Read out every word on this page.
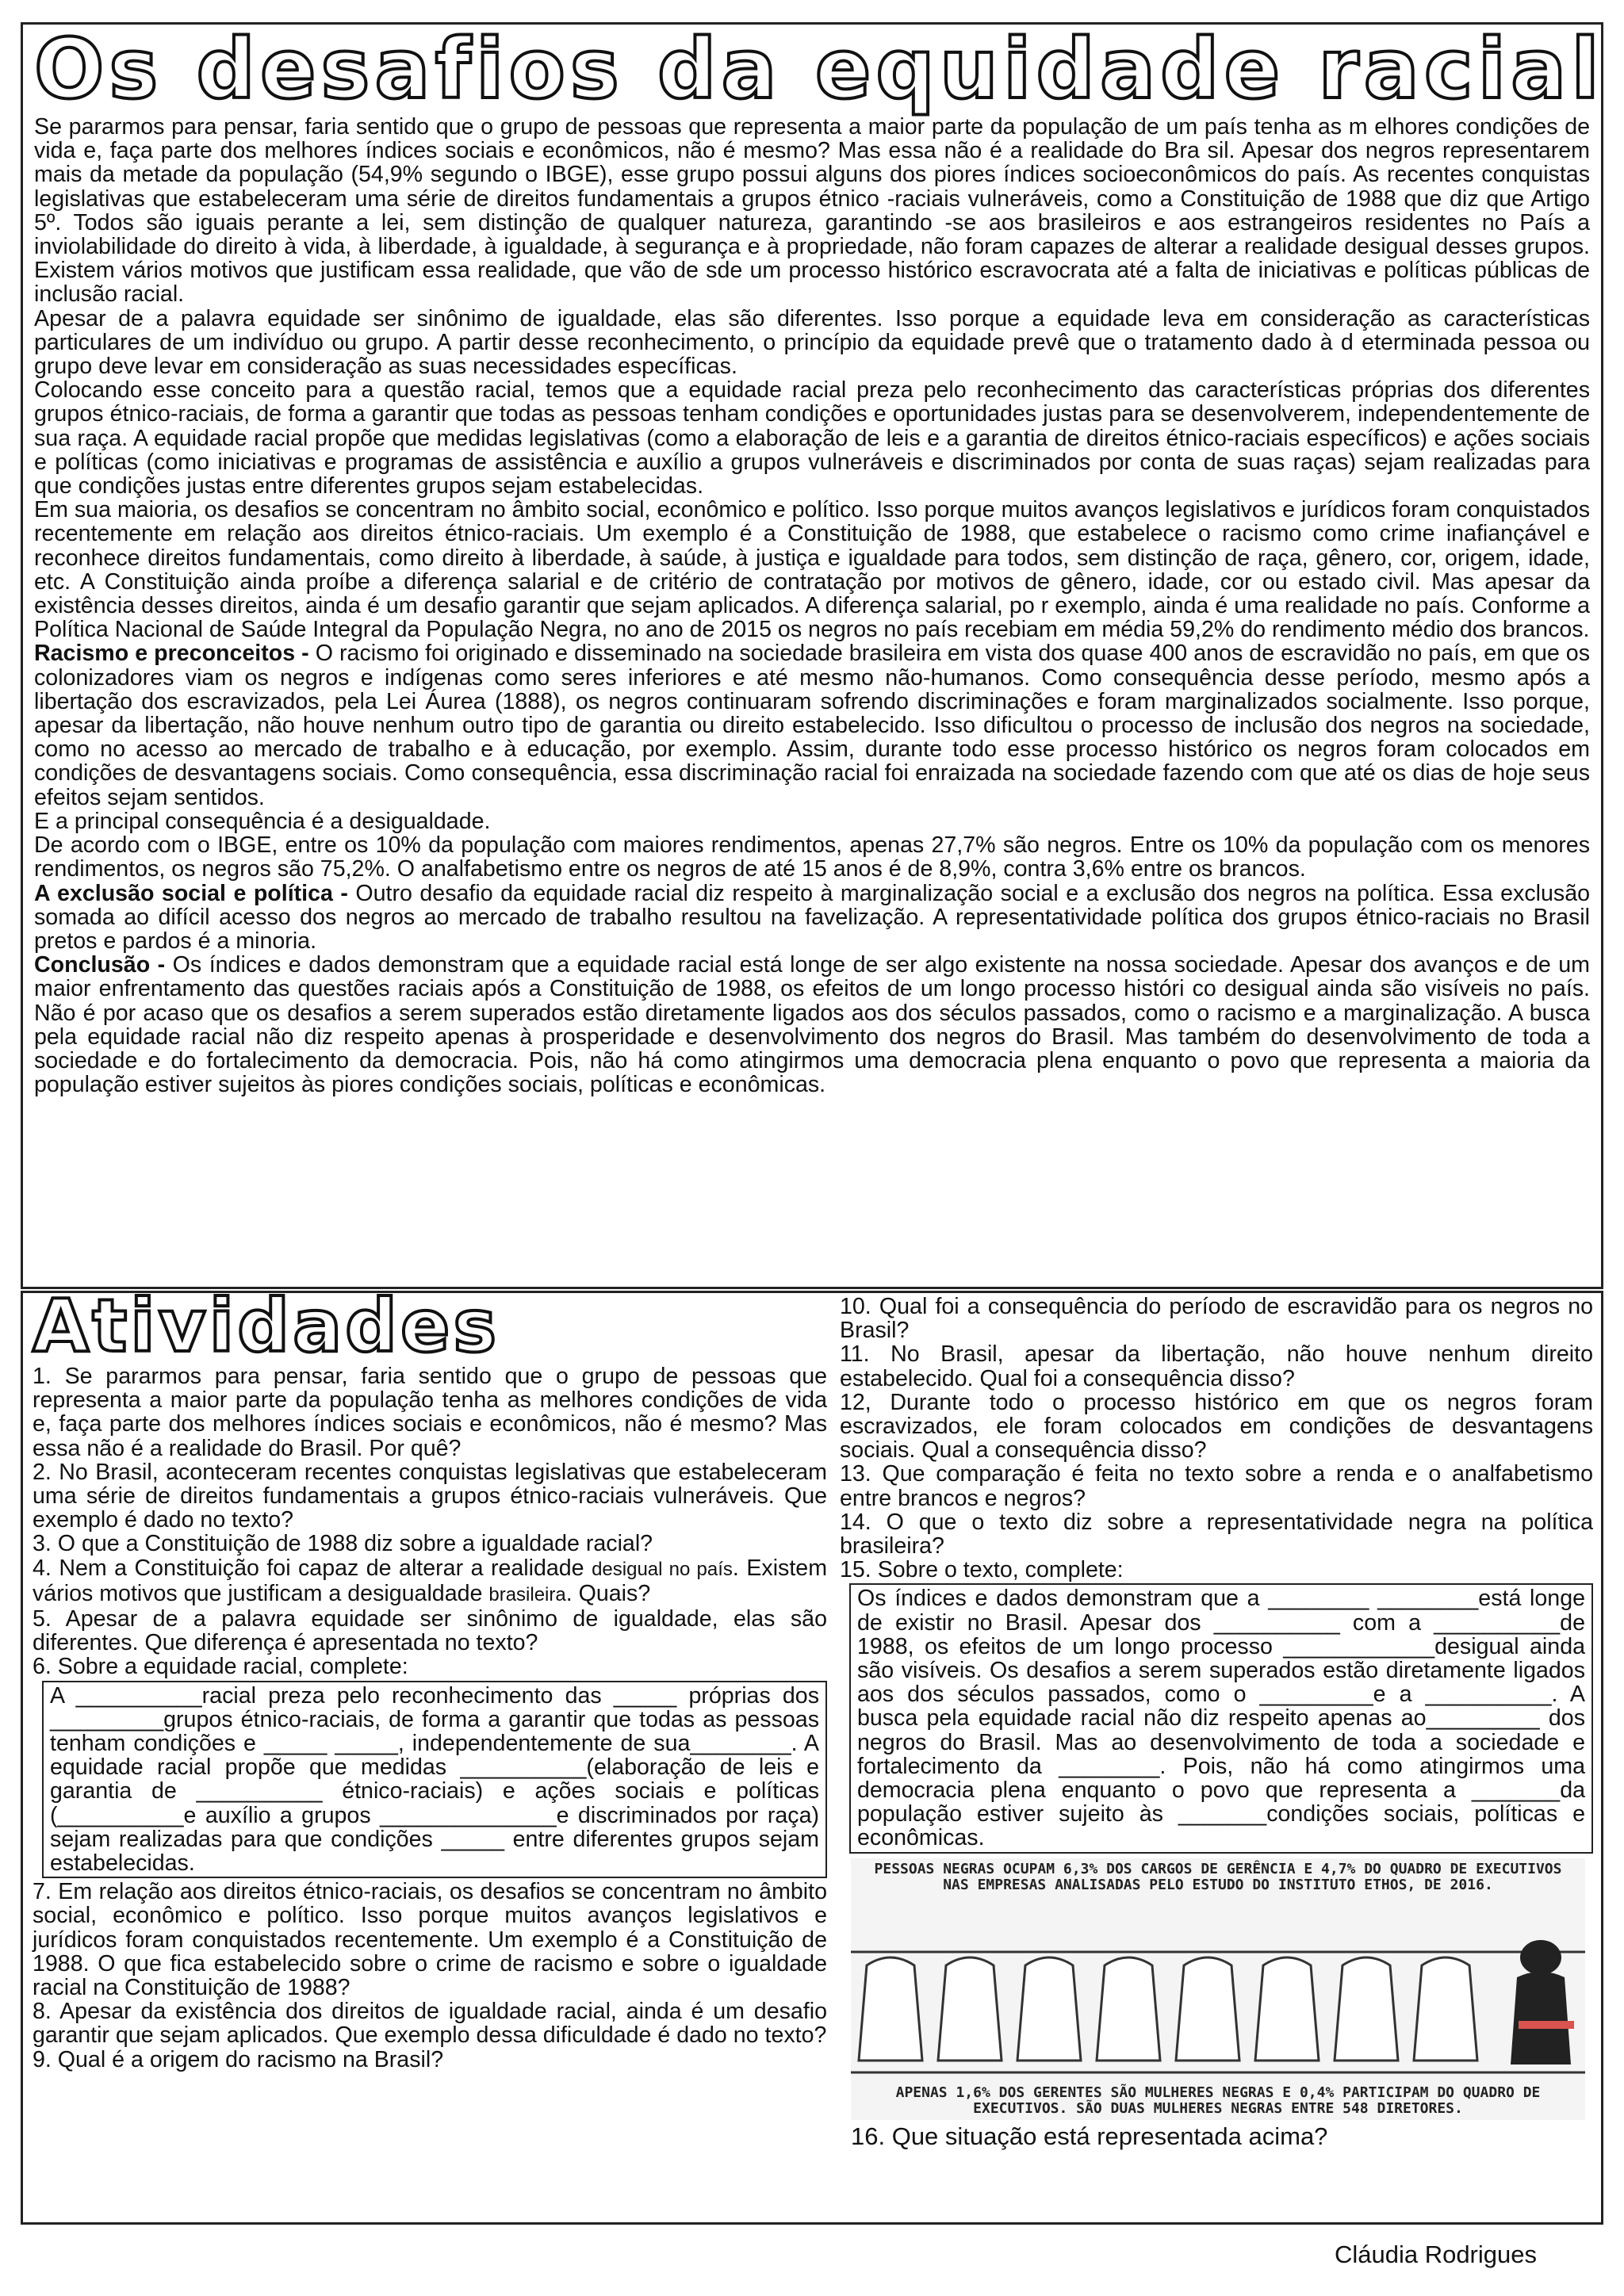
Os desafios da equidade racial

Se pararmos para pensar, faria sentido que o grupo de pessoas que representa a maior parte da população de um país tenha as m elhores condições de vida e, faça parte dos melhores índices sociais e econômicos, não é mesmo? Mas essa não é a realidade do Bra sil. Apesar dos negros representarem mais da metade da população (54,9% segundo o IBGE), esse grupo possui alguns dos piores índices socioeconômicos do país. As recentes conquistas legislativas que estabeleceram uma série de direitos fundamentais a grupos étnico -raciais vulneráveis, como a Constituição de 1988 que diz que Artigo 5º. Todos são iguais perante a lei, sem distinção de qualquer natureza, garantindo -se aos brasileiros e aos estrangeiros residentes no País a inviolabilidade do direito à vida, à liberdade, à igualdade, à segurança e à propriedade, não foram capazes de alterar a realidade desigual desses grupos. Existem vários motivos que justificam essa realidade, que vão de sde um processo histórico escravocrata até a falta de iniciativas e políticas públicas de inclusão racial.

Apesar de a palavra equidade ser sinônimo de igualdade, elas são diferentes. Isso porque a equidade leva em consideração as características particulares de um indivíduo ou grupo. A partir desse reconhecimento, o princípio da equidade prevê que o tratamento dado à d eterminada pessoa ou grupo deve levar em consideração as suas necessidades específicas.

Colocando esse conceito para a questão racial, temos que a equidade racial preza pelo reconhecimento das características próprias dos diferentes grupos étnico-raciais, de forma a garantir que todas as pessoas tenham condições e oportunidades justas para se desenvolverem, independentemente de sua raça. A equidade racial propõe que medidas legislativas (como a elaboração de leis e a garantia de direitos étnico-raciais específicos) e ações sociais e políticas (como iniciativas e programas de assistência e auxílio a grupos vulneráveis e discriminados por conta de suas raças) sejam realizadas para que condições justas entre diferentes grupos sejam estabelecidas.

Em sua maioria, os desafios se concentram no âmbito social, econômico e político. Isso porque muitos avanços legislativos e jurídicos foram conquistados recentemente em relação aos direitos étnico-raciais. Um exemplo é a Constituição de 1988, que estabelece o racismo como crime inafiançável e reconhece direitos fundamentais, como direito à liberdade, à saúde, à justiça e igualdade para todos, sem distinção de raça, gênero, cor, origem, idade, etc. A Constituição ainda proíbe a diferença salarial e de critério de contratação por motivos de gênero, idade, cor ou estado civil. Mas apesar da existência desses direitos, ainda é um desafio garantir que sejam aplicados. A diferença salarial, po r exemplo, ainda é uma realidade no país. Conforme a Política Nacional de Saúde Integral da População Negra, no ano de 2015 os negros no país recebiam em média 59,2% do rendimento médio dos brancos.

Racismo e preconceitos - O racismo foi originado e disseminado na sociedade brasileira em vista dos quase 400 anos de escravidão no país, em que os colonizadores viam os negros e indígenas como seres inferiores e até mesmo não-humanos. Como consequência desse período, mesmo após a libertação dos escravizados, pela Lei Áurea (1888), os negros continuaram sofrendo discriminações e foram marginalizados socialmente. Isso porque, apesar da libertação, não houve nenhum outro tipo de garantia ou direito estabelecido. Isso dificultou o processo de inclusão dos negros na sociedade, como no acesso ao mercado de trabalho e à educação, por exemplo. Assim, durante todo esse processo histórico os negros foram colocados em condições de desvantagens sociais. Como consequência, essa discriminação racial foi enraizada na sociedade fazendo com que até os dias de hoje seus efeitos sejam sentidos.

E a principal consequência é a desigualdade.

De acordo com o IBGE, entre os 10% da população com maiores rendimentos, apenas 27,7% são negros. Entre os 10% da população com os menores rendimentos, os negros são 75,2%. O analfabetismo entre os negros de até 15 anos é de 8,9%, contra 3,6% entre os brancos.

A exclusão social e política - Outro desafio da equidade racial diz respeito à marginalização social e a exclusão dos negros na política. Essa exclusão somada ao difícil acesso dos negros ao mercado de trabalho resultou na favelização. A representatividade política dos grupos étnico-raciais no Brasil pretos e pardos é a minoria.

Conclusão - Os índices e dados demonstram que a equidade racial está longe de ser algo existente na nossa sociedade. Apesar dos avanços e de um maior enfrentamento das questões raciais após a Constituição de 1988, os efeitos de um longo processo históri co desigual ainda são visíveis no país. Não é por acaso que os desafios a serem superados estão diretamente ligados aos dos séculos passados, como o racismo e a marginalização. A busca pela equidade racial não diz respeito apenas à prosperidade e desenvolvimento dos negros do Brasil. Mas também do desenvolvimento de toda a sociedade e do fortalecimento da democracia. Pois, não há como atingirmos uma democracia plena enquanto o povo que representa a maioria da população estiver sujeitos às piores condições sociais, políticas e econômicas.

Atividades

1. Se pararmos para pensar, faria sentido que o grupo de pessoas que representa a maior parte da população tenha as melhores condições de vida e, faça parte dos melhores índices sociais e econômicos, não é mesmo? Mas essa não é a realidade do Brasil. Por quê?

2. No Brasil, aconteceram recentes conquistas legislativas que estabeleceram uma série de direitos fundamentais a grupos étnico-raciais vulneráveis. Que exemplo é dado no texto?

3. O que a Constituição de 1988 diz sobre a igualdade racial?

4. Nem a Constituição foi capaz de alterar a realidade desigual no país. Existem vários motivos que justificam a desigualdade brasileira. Quais?

5. Apesar de a palavra equidade ser sinônimo de igualdade, elas são diferentes. Que diferença é apresentada no texto?

6. Sobre a equidade racial, complete:

A __________racial preza pelo reconhecimento das _____ próprias dos _________grupos étnico-raciais, de forma a garantir que todas as pessoas tenham condições e _____ _____, independentemente de sua________. A equidade racial propõe que medidas __________(elaboração de leis e garantia de __________ étnico-raciais) e ações sociais e políticas (__________e auxílio a grupos ______________e discriminados por raça) sejam realizadas para que condições _____ entre diferentes grupos sejam estabelecidas.

7. Em relação aos direitos étnico-raciais, os desafios se concentram no âmbito social, econômico e político. Isso porque muitos avanços legislativos e jurídicos foram conquistados recentemente. Um exemplo é a Constituição de 1988. O que fica estabelecido sobre o crime de racismo e sobre o igualdade racial na Constituição de 1988?

8. Apesar da existência dos direitos de igualdade racial, ainda é um desafio garantir que sejam aplicados. Que exemplo dessa dificuldade é dado no texto?

9. Qual é a origem do racismo na Brasil?

10. Qual foi a consequência do período de escravidão para os negros no Brasil?

11. No Brasil, apesar da libertação, não houve nenhum direito estabelecido. Qual foi a consequência disso?

12, Durante todo o processo histórico em que os negros foram escravizados, ele foram colocados em condições de desvantagens sociais. Qual a consequência disso?

13. Que comparação é feita no texto sobre a renda e o analfabetismo entre brancos e negros?

14. O que o texto diz sobre a representatividade negra na política brasileira?

15. Sobre o texto, complete:

Os índices e dados demonstram que a ________ ________está longe de existir no Brasil. Apesar dos __________ com a __________de 1988, os efeitos de um longo processo ____________desigual ainda são visíveis. Os desafios a serem superados estão diretamente ligados aos dos séculos passados, como o _________e a __________. A busca pela equidade racial não diz respeito apenas ao_________ dos negros do Brasil. Mas ao desenvolvimento de toda a sociedade e fortalecimento da ________. Pois, não há como atingirmos uma democracia plena enquanto o povo que representa a _______da população estiver sujeito às _______condições sociais, políticas e econômicas.
PESSOAS NEGRAS OCUPAM 6,3% DOS CARGOS DE GERÊNCIA E 4,7% DO QUADRO DE EXECUTIVOS NAS EMPRESAS ANALISADAS PELO ESTUDO DO INSTITUTO ETHOS, DE 2016.
APENAS 1,6% DOS GERENTES SÃO MULHERES NEGRAS E 0,4% PARTICIPAM DO QUADRO DE EXECUTIVOS. SÃO DUAS MULHERES NEGRAS ENTRE 548 DIRETORES.

16. Que situação está representada acima?

Cláudia Rodrigues
